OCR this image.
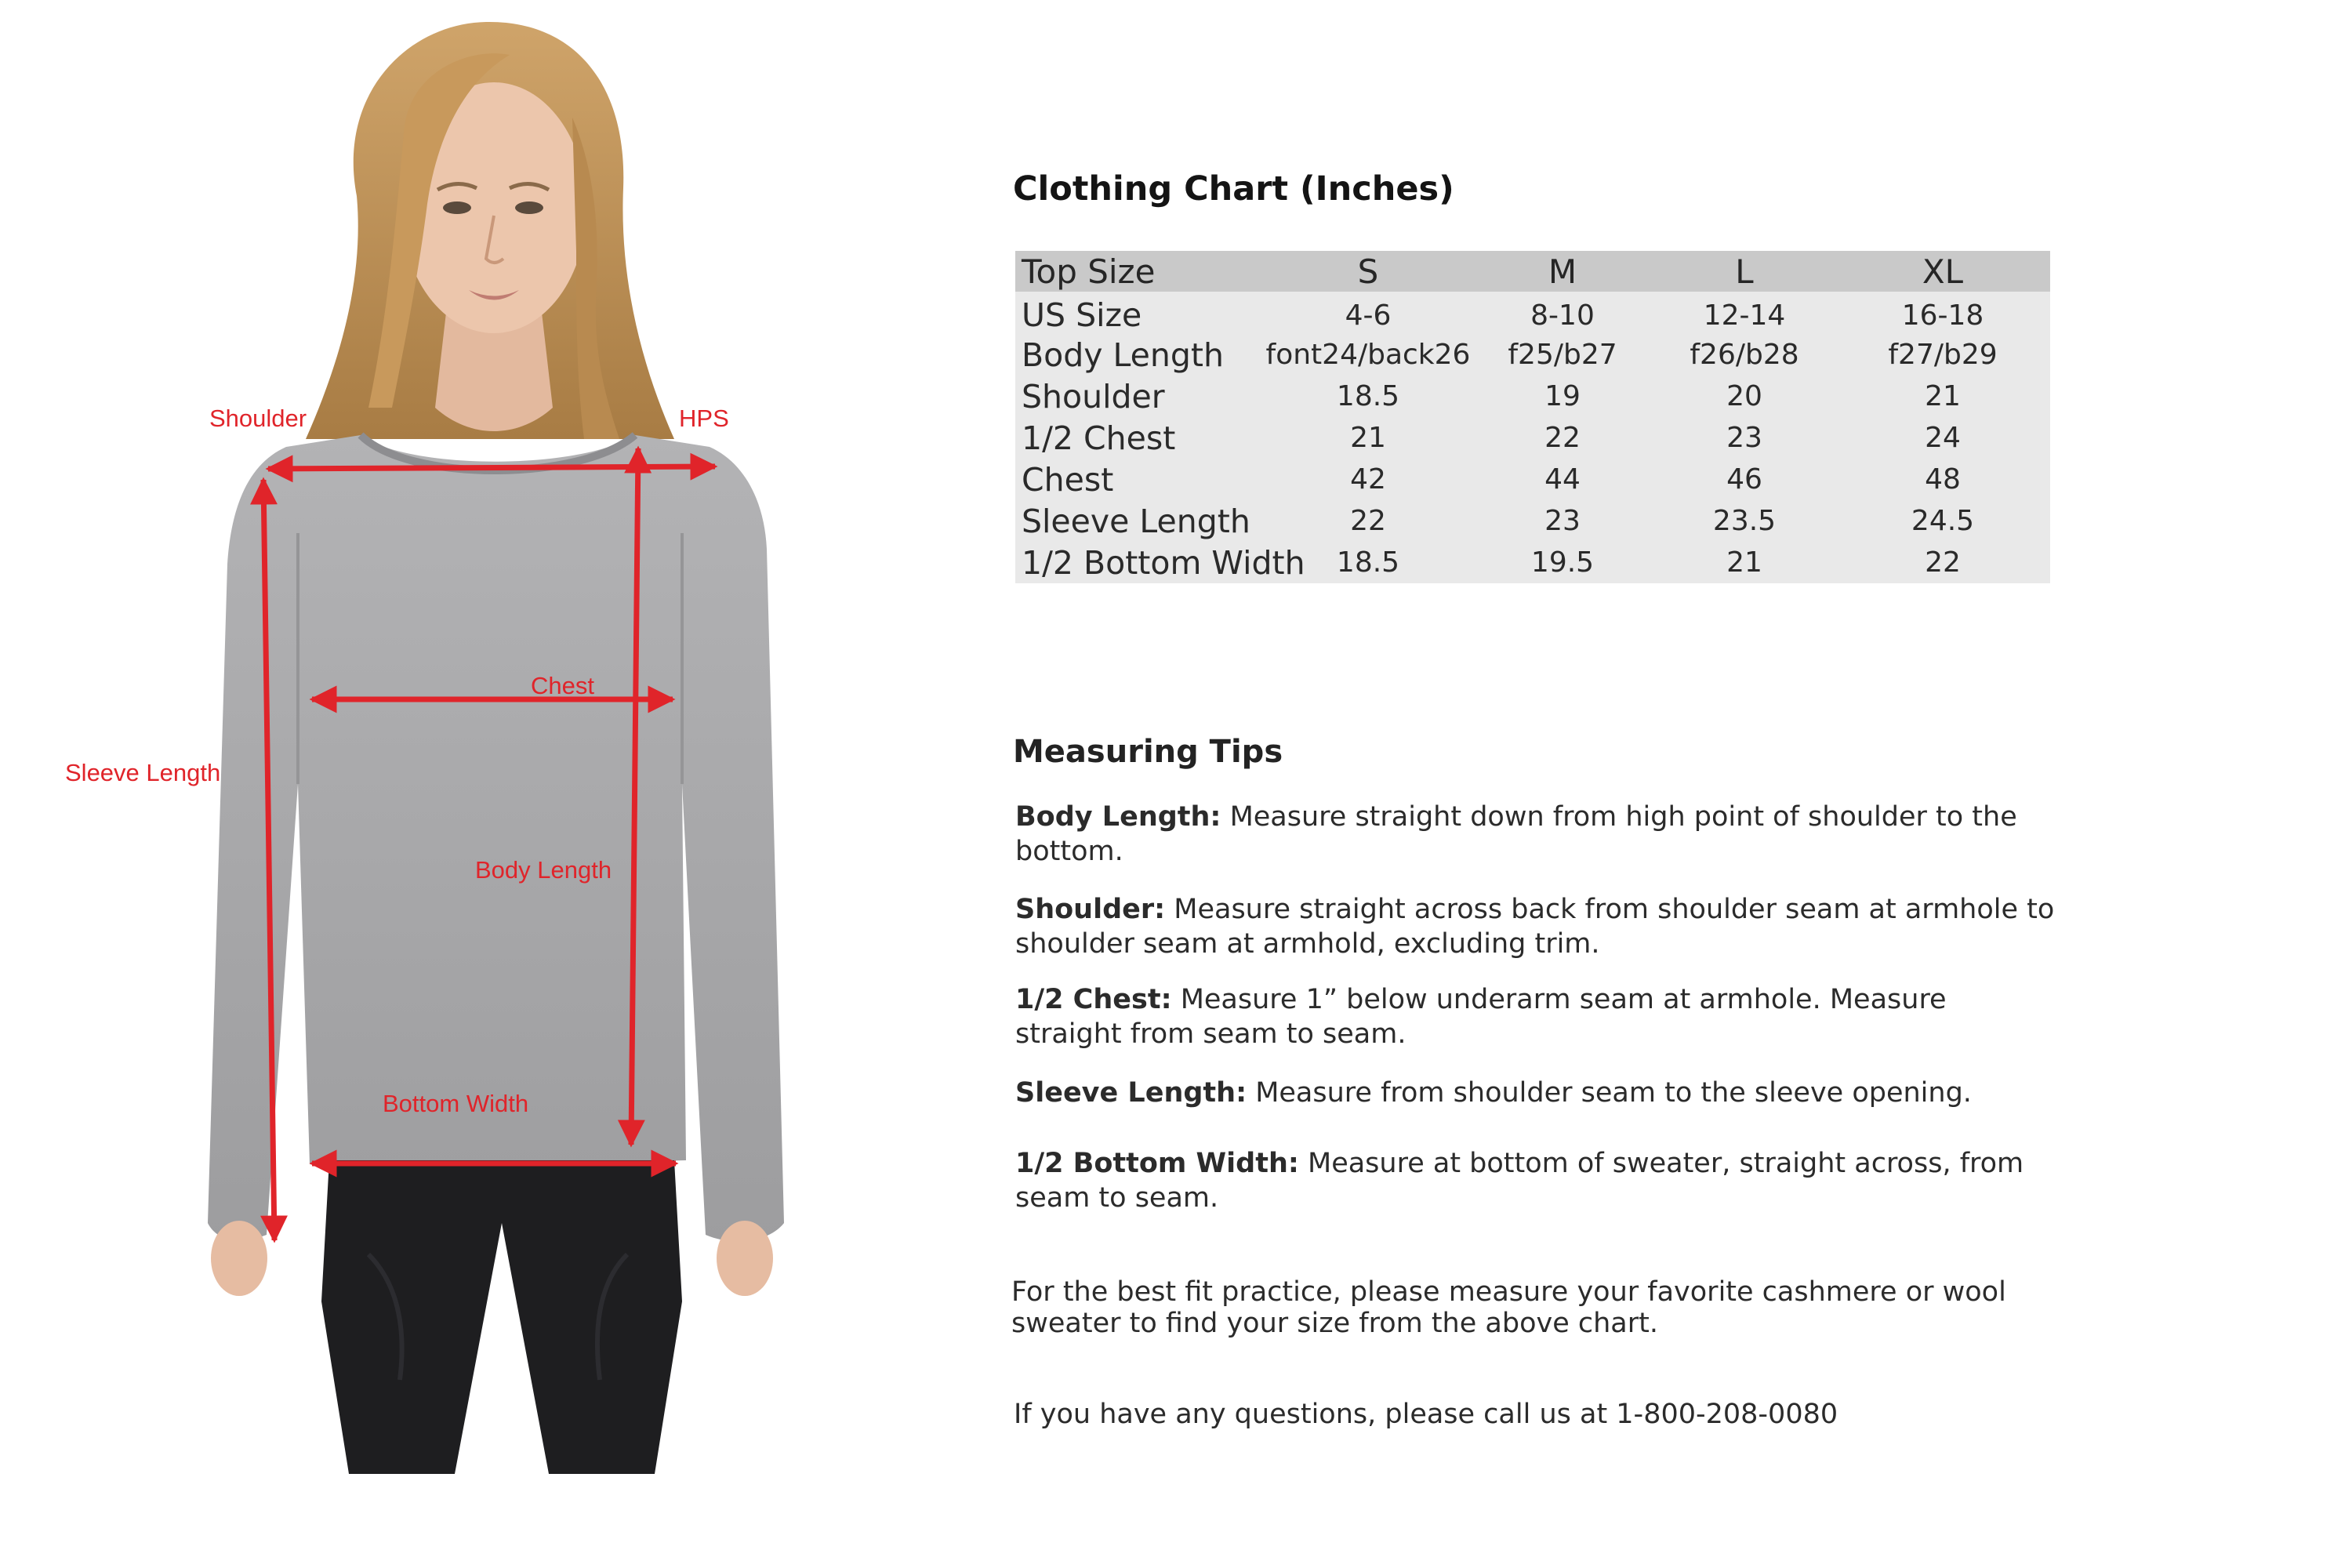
Shoulder	HPS
Chest
Sleeve Length
Body Length
Bottom Width
Clothing Chart (Inches)
Top Size	S	M	L	XL
US Size	4-6	8-10	12-14	16-18
Body Length	font24/back26	f25/b27	f26/b28	f27/b29
Shoulder	18.5	19	20	21
1/2 Chest	21	22	23	24
Chest	42	44	46	48
Sleeve Length	22	23	23.5	24.5
1/2 Bottom Width	18.5	19.5	21	22
Measuring Tips

Body Length: Measure straight down from high point of shoulder to the bottom.

Shoulder: Measure straight across back from shoulder seam at armhole to shoulder seam at armhold, excluding trim.

1/2 Chest: Measure 1” below underarm seam at armhole. Measure straight from seam to seam.

Sleeve Length: Measure from shoulder seam to the sleeve opening.

1/2 Bottom Width: Measure at bottom of sweater, straight across, from seam to seam.

For the best fit practice, please measure your favorite cashmere or wool sweater to find your size from the above chart.

If you have any questions, please call us at 1-800-208-0080
